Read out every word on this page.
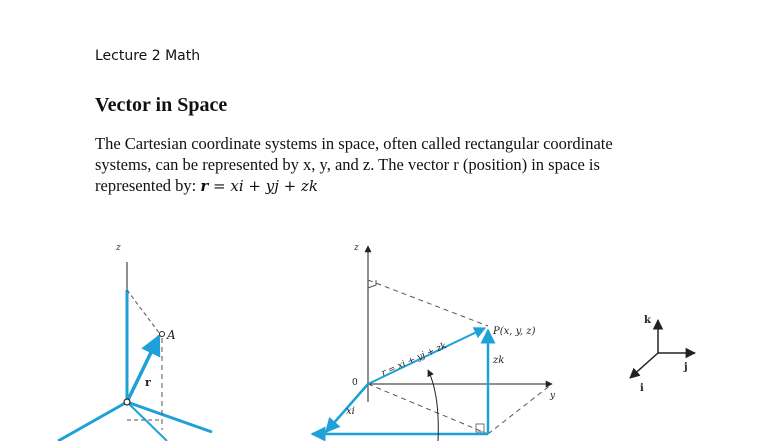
Lecture 2 Math
Vector in Space
The Cartesian coordinate systems in space, often called rectangular coordinate
systems, can be represented by x, y, and z. The vector r (position) in space is
represented by: r = xi + yj + zk
z
A
r
z
y
0
xi
zk
r = xi + yj + zk
P(x, y, z)
k
j
i
